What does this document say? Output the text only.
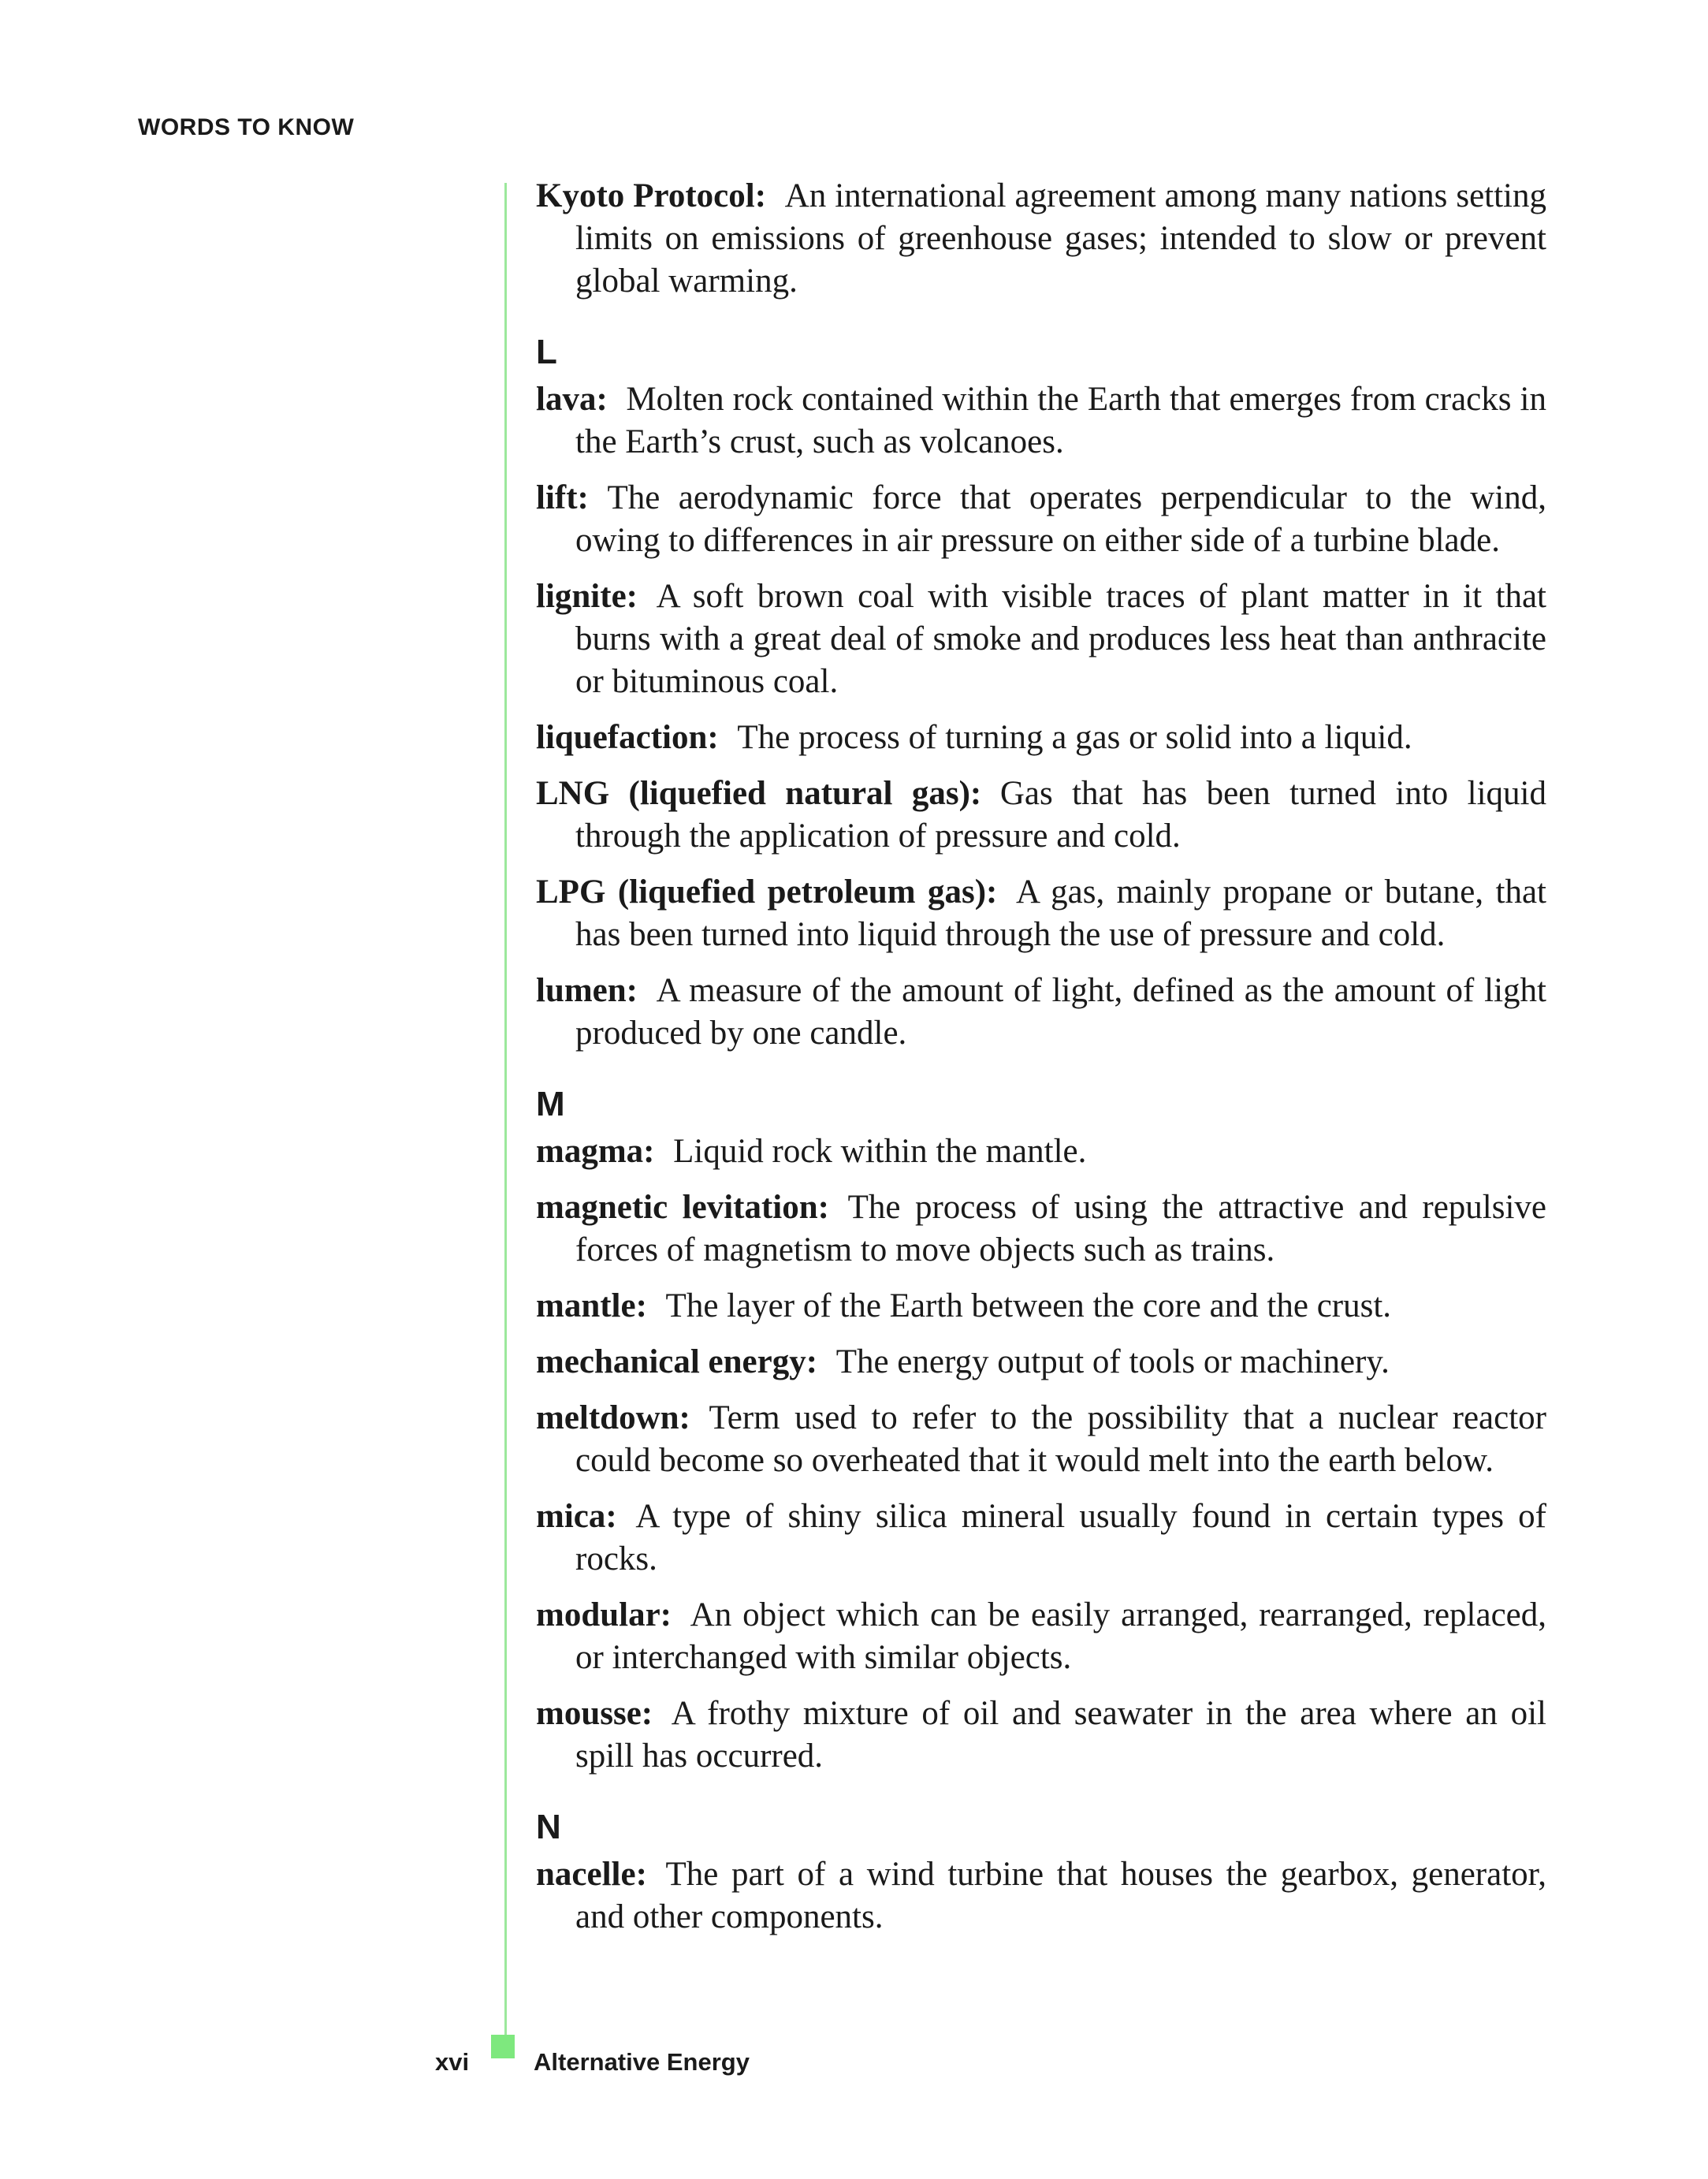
WORDS TO KNOW

Kyoto Protocol: An international agreement among many nations setting limits on emissions of greenhouse gases; intended to slow or prevent global warming.

L

lava: Molten rock contained within the Earth that emerges from cracks in the Earth’s crust, such as volcanoes.

lift: The aerodynamic force that operates perpendicular to the wind, owing to differences in air pressure on either side of a turbine blade.

lignite: A soft brown coal with visible traces of plant matter in it that burns with a great deal of smoke and produces less heat than anthracite or bituminous coal.

liquefaction: The process of turning a gas or solid into a liquid.

LNG (liquefied natural gas): Gas that has been turned into liquid through the application of pressure and cold.

LPG (liquefied petroleum gas): A gas, mainly propane or butane, that has been turned into liquid through the use of pressure and cold.

lumen: A measure of the amount of light, defined as the amount of light produced by one candle.

M

magma: Liquid rock within the mantle.

magnetic levitation: The process of using the attractive and repulsive forces of magnetism to move objects such as trains.

mantle: The layer of the Earth between the core and the crust.

mechanical energy: The energy output of tools or machinery.

meltdown: Term used to refer to the possibility that a nuclear reactor could become so overheated that it would melt into the earth below.

mica: A type of shiny silica mineral usually found in certain types of rocks.

modular: An object which can be easily arranged, rearranged, replaced, or interchanged with similar objects.

mousse: A frothy mixture of oil and seawater in the area where an oil spill has occurred.

N

nacelle: The part of a wind turbine that houses the gearbox, generator, and other components.

xvi	Alternative Energy
